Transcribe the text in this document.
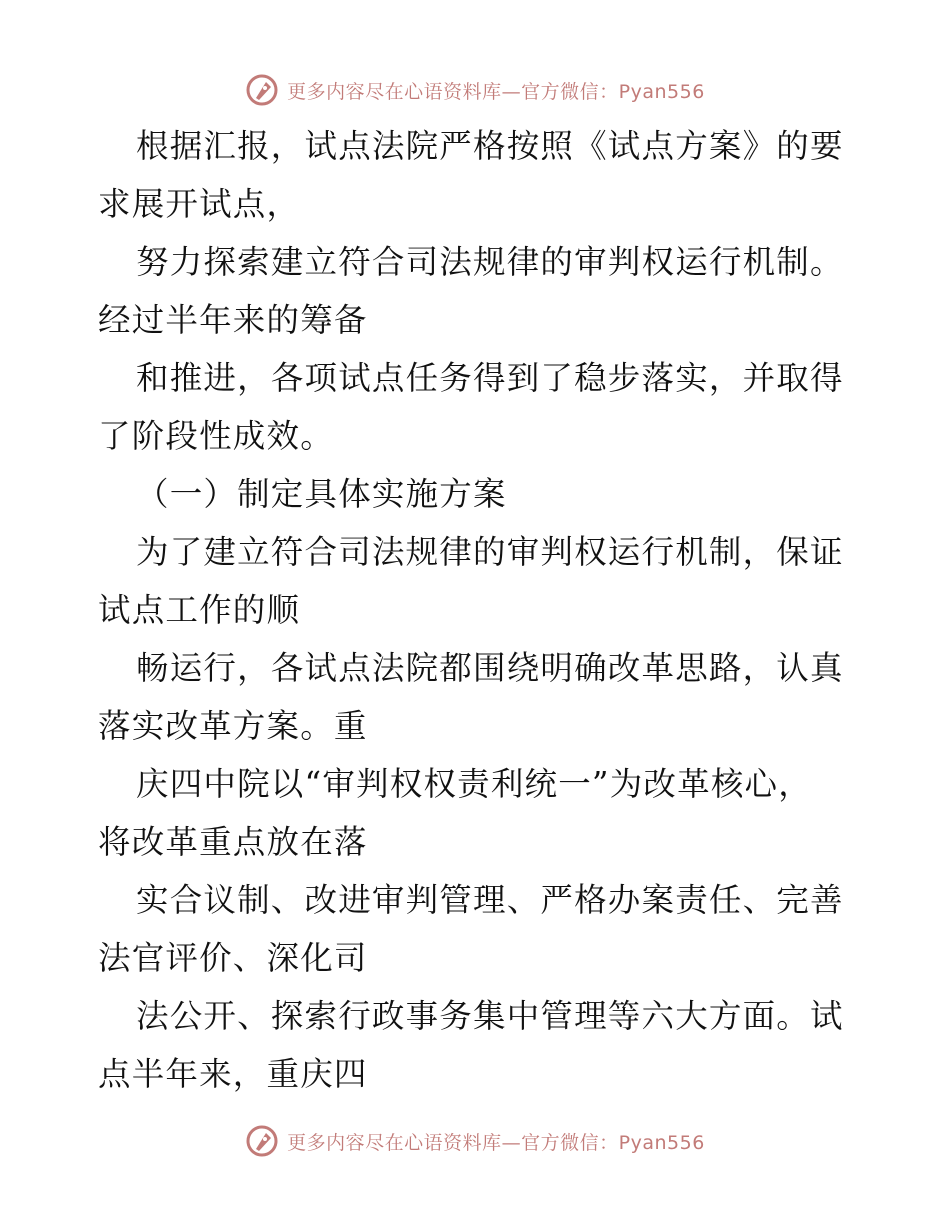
更多内容尽在心语资料库—官方微信：Pyan556
根据汇报，试点法院严格按照《试点方案》的要
求展开试点，
努力探索建立符合司法规律的审判权运行机制。
经过半年来的筹备
和推进，各项试点任务得到了稳步落实，并取得
了阶段性成效。
（一）制定具体实施方案
为了建立符合司法规律的审判权运行机制，保证
试点工作的顺
畅运行，各试点法院都围绕明确改革思路，认真
落实改革方案。重
庆四中院以“审判权权责利统一”为改革核心，
将改革重点放在落
实合议制、改进审判管理、严格办案责任、完善
法官评价、深化司
法公开、探索行政事务集中管理等六大方面。试
点半年来，重庆四
更多内容尽在心语资料库—官方微信：Pyan556
